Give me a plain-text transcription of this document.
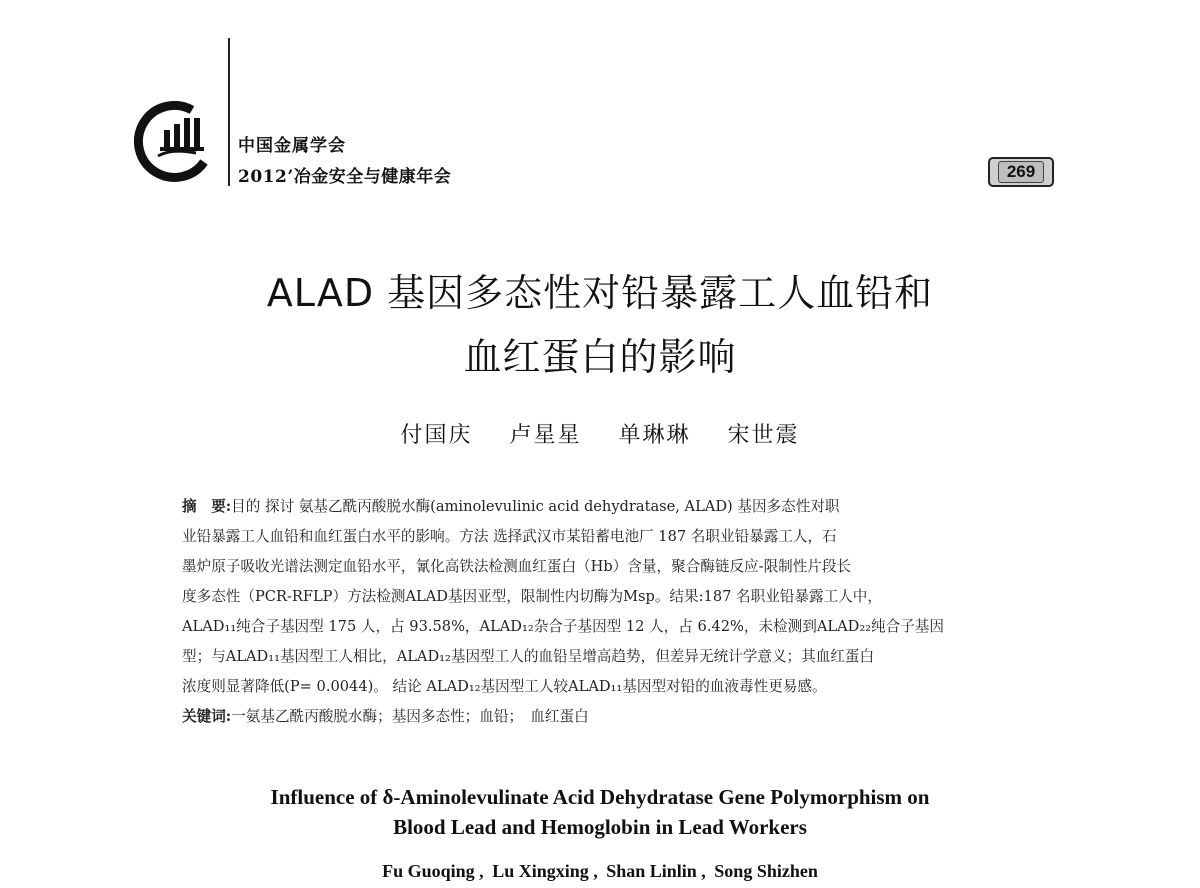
中国金属学会
2012’冶金安全与健康年会	269
ALAD 基因多态性对铅暴露工人血铅和
血红蛋白的影响
付国庆 卢星星 单琳琳 宋世震
摘　要:目的 探讨 氨基乙酰丙酸脱水酶(aminolevulinic acid dehydratase, ALAD) 基因多态性对职
业铅暴露工人血铅和血红蛋白水平的影响。方法 选择武汉市某铅蓄电池厂 187 名职业铅暴露工人，石
墨炉原子吸收光谱法测定血铅水平，氰化高铁法检测血红蛋白（Hb）含量，聚合酶链反应-限制性片段长
度多态性（PCR-RFLP）方法检测ALAD基因亚型，限制性内切酶为Msp。结果:187 名职业铅暴露工人中，
ALAD₁₁纯合子基因型 175 人，占 93.58%，ALAD₁₂杂合子基因型 12 人，占 6.42%，未检测到ALAD₂₂纯合子基因
型；与ALAD₁₁基因型工人相比，ALAD₁₂基因型工人的血铅呈增高趋势，但差异无统计学意义；其血红蛋白
浓度则显著降低(P= 0.0044)。 结论 ALAD₁₂基因型工人较ALAD₁₁基因型对铅的血液毒性更易感。
关键词:一氨基乙酰丙酸脱水酶；基因多态性；血铅；　血红蛋白
Influence of δ-Aminolevulinate Acid Dehydratase Gene Polymorphism on
Blood Lead and Hemoglobin in Lead Workers
Fu Guoqing , Lu Xingxing , Shan Linlin , Song Shizhen
